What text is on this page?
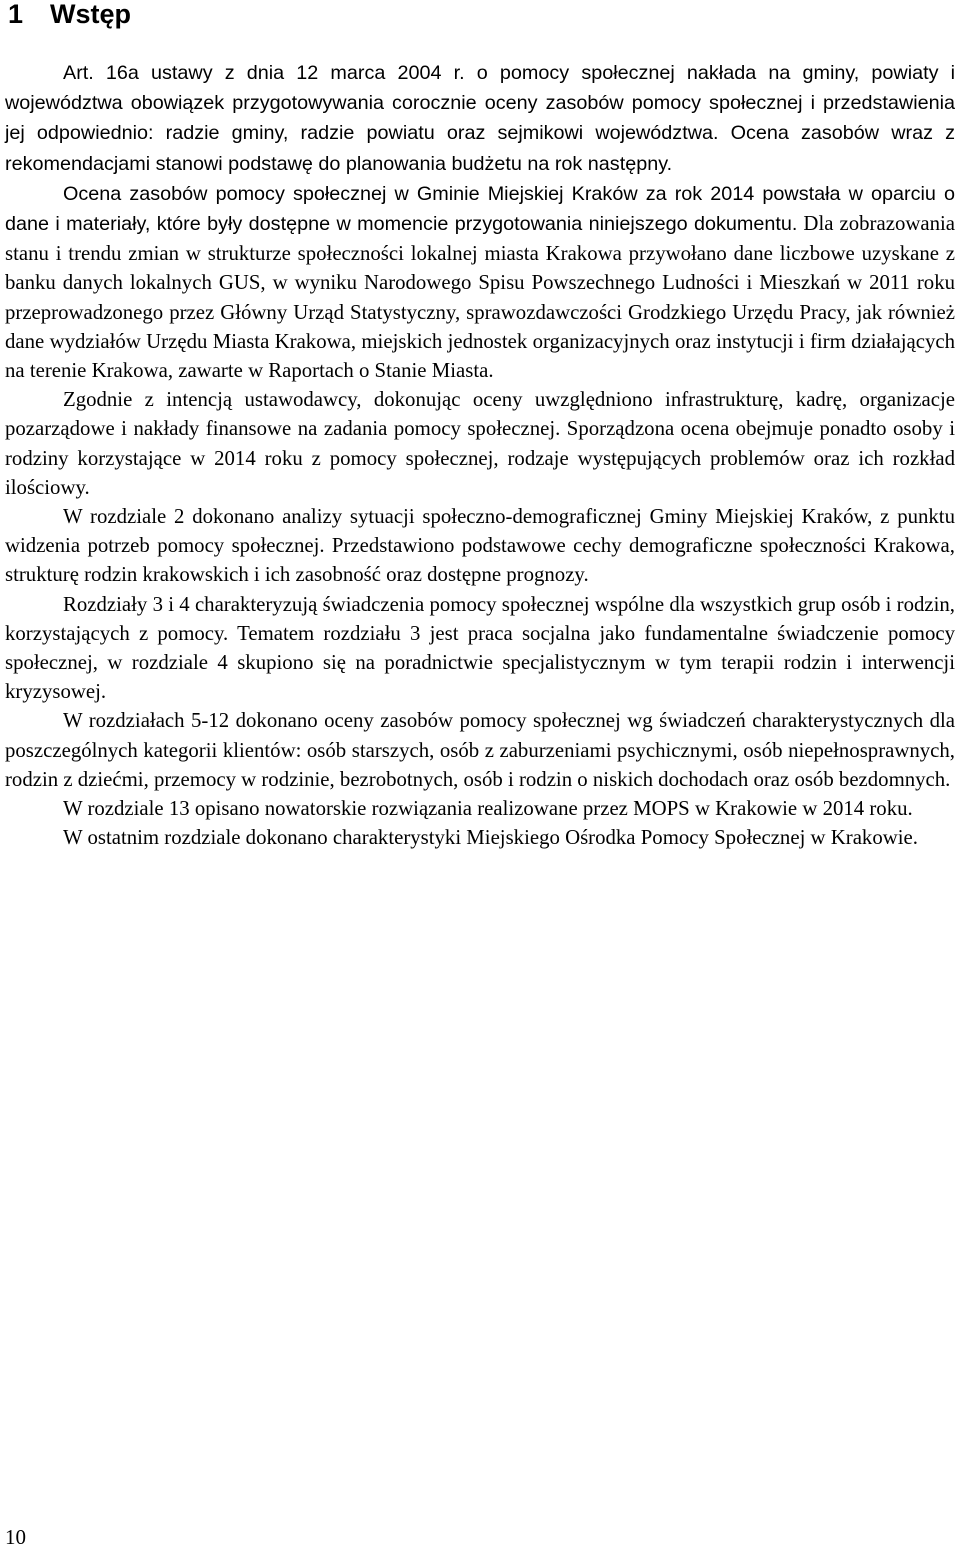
1 Wstęp

Art. 16a ustawy z dnia 12 marca 2004 r. o pomocy społecznej nakłada na gminy, powiaty i województwa obowiązek przygotowywania corocznie oceny zasobów pomocy społecznej i przedstawienia jej odpowiednio: radzie gminy, radzie powiatu oraz sejmikowi województwa. Ocena zasobów wraz z rekomendacjami stanowi podstawę do planowania budżetu na rok następny.

Ocena zasobów pomocy społecznej w Gminie Miejskiej Kraków za rok 2014 powstała w oparciu o dane i materiały, które były dostępne w momencie przygotowania niniejszego dokumentu. Dla zobrazowania stanu i trendu zmian w strukturze społeczności lokalnej miasta Krakowa przywołano dane liczbowe uzyskane z banku danych lokalnych GUS, w wyniku Narodowego Spisu Powszechnego Ludności i Mieszkań w 2011 roku przeprowadzonego przez Główny Urząd Statystyczny, sprawozdawczości Grodzkiego Urzędu Pracy, jak również dane wydziałów Urzędu Miasta Krakowa, miejskich jednostek organizacyjnych oraz instytucji i firm działających na terenie Krakowa, zawarte w Raportach o Stanie Miasta.

Zgodnie z intencją ustawodawcy, dokonując oceny uwzględniono infrastrukturę, kadrę, organizacje pozarządowe i nakłady finansowe na zadania pomocy społecznej. Sporządzona ocena obejmuje ponadto osoby i rodziny korzystające w 2014 roku z pomocy społecznej, rodzaje występujących problemów oraz ich rozkład ilościowy.

W rozdziale 2 dokonano analizy sytuacji społeczno-demograficznej Gminy Miejskiej Kraków, z punktu widzenia potrzeb pomocy społecznej. Przedstawiono podstawowe cechy demograficzne społeczności Krakowa, strukturę rodzin krakowskich i ich zasobność oraz dostępne prognozy.

Rozdziały 3 i 4 charakteryzują świadczenia pomocy społecznej wspólne dla wszystkich grup osób i rodzin, korzystających z pomocy. Tematem rozdziału 3 jest praca socjalna jako fundamentalne świadczenie pomocy społecznej, w rozdziale 4 skupiono się na poradnictwie specjalistycznym w tym terapii rodzin i interwencji kryzysowej.

W rozdziałach 5-12 dokonano oceny zasobów pomocy społecznej wg świadczeń charakterystycznych dla poszczególnych kategorii klientów: osób starszych, osób z zaburzeniami psychicznymi, osób niepełnosprawnych, rodzin z dziećmi, przemocy w rodzinie, bezrobotnych, osób i rodzin o niskich dochodach oraz osób bezdomnych.

W rozdziale 13 opisano nowatorskie rozwiązania realizowane przez MOPS w Krakowie w 2014 roku.

W ostatnim rozdziale dokonano charakterystyki Miejskiego Ośrodka Pomocy Społecznej w Krakowie.

10
